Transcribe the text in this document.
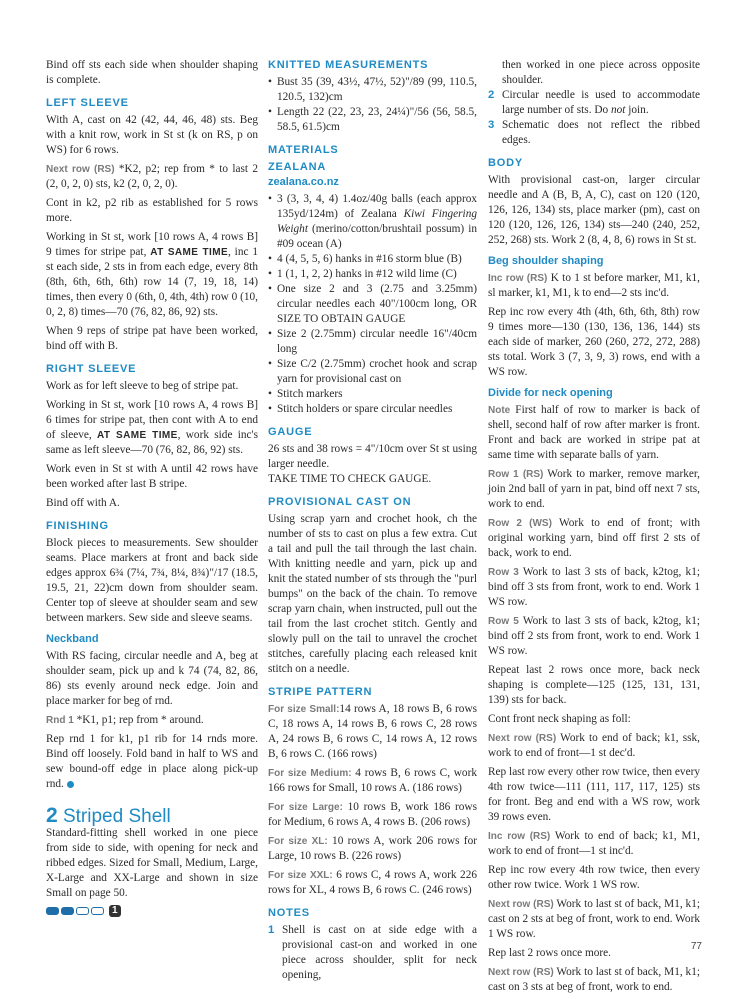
Bind off sts each side when shoulder shaping is complete.

LEFT SLEEVE

With A, cast on 42 (42, 44, 46, 48) sts. Beg with a knit row, work in St st (k on RS, p on WS) for 6 rows.

Next row (RS) *K2, p2; rep from * to last 2 (2, 0, 2, 0) sts, k2 (2, 0, 2, 0).

Cont in k2, p2 rib as established for 5 rows more.

Working in St st, work [10 rows A, 4 rows B] 9 times for stripe pat, AT SAME TIME, inc 1 st each side, 2 sts in from each edge, every 8th (8th, 6th, 6th, 6th) row 14 (7, 19, 18, 14) times, then every 0 (6th, 0, 4th, 4th) row 0 (10, 0, 2, 8) times—70 (76, 82, 86, 92) sts.

When 9 reps of stripe pat have been worked, bind off with B.

RIGHT SLEEVE

Work as for left sleeve to beg of stripe pat.

Working in St st, work [10 rows A, 4 rows B] 6 times for stripe pat, then cont with A to end of sleeve, AT SAME TIME, work side inc's same as left sleeve—70 (76, 82, 86, 92) sts.

Work even in St st with A until 42 rows have been worked after last B stripe.

Bind off with A.

FINISHING

Block pieces to measurements. Sew shoulder seams. Place markers at front and back side edges approx 6¾ (7¼, 7¾, 8¼, 8¾)"/17 (18.5, 19.5, 21, 22)cm down from shoulder seam. Center top of sleeve at shoulder seam and sew between markers. Sew side and sleeve seams.

Neckband

With RS facing, circular needle and A, beg at shoulder seam, pick up and k 74 (74, 82, 86, 86) sts evenly around neck edge. Join and place marker for beg of rnd.

Rnd 1 *K1, p1; rep from * around.

Rep rnd 1 for k1, p1 rib for 14 rnds more. Bind off loosely. Fold band in half to WS and sew bound-off edge in place along pick-up rnd.

2 Striped Shell

Standard-fitting shell worked in one piece from side to side, with opening for neck and ribbed edges. Sized for Small, Medium, Large, X-Large and XX-Large and shown in size Small on page 50.

1
KNITTED MEASUREMENTS
• Bust 35 (39, 43½, 47½, 52)"/89 (99, 110.5, 120.5, 132)cm
• Length 22 (22, 23, 23, 24¼)"/56 (56, 58.5, 58.5, 61.5)cm
MATERIALS
ZEALANA
zealana.co.nz
• 3 (3, 3, 4, 4) 1.4oz/40g balls (each approx 135yd/124m) of Zealana Kiwi Fingering Weight (merino/cotton/brushtail possum) in #09 ocean (A)
• 4 (4, 5, 5, 6) hanks in #16 storm blue (B)
• 1 (1, 1, 2, 2) hanks in #12 wild lime (C)
• One size 2 and 3 (2.75 and 3.25mm) circular needles each 40"/100cm long, OR SIZE TO OBTAIN GAUGE
• Size 2 (2.75mm) circular needle 16"/40cm long
• Size C/2 (2.75mm) crochet hook and scrap yarn for provisional cast on
• Stitch markers
• Stitch holders or spare circular needles
GAUGE

26 sts and 38 rows = 4"/10cm over St st using larger needle.

TAKE TIME TO CHECK GAUGE.

PROVISIONAL CAST ON

Using scrap yarn and crochet hook, ch the number of sts to cast on plus a few extra. Cut a tail and pull the tail through the last chain. With knitting needle and yarn, pick up and knit the stated number of sts through the "purl bumps" on the back of the chain. To remove scrap yarn chain, when instructed, pull out the tail from the last crochet stitch. Gently and slowly pull on the tail to unravel the crochet stitches, carefully placing each released knit stitch on a needle.

STRIPE PATTERN

For size Small:14 rows A, 18 rows B, 6 rows C, 18 rows A, 14 rows B, 6 rows C, 28 rows A, 24 rows B, 6 rows C, 14 rows A, 12 rows B, 6 rows C. (166 rows)

For size Medium: 4 rows B, 6 rows C, work 166 rows for Small, 10 rows A. (186 rows)

For size Large: 10 rows B, work 186 rows for Medium, 6 rows A, 4 rows B. (206 rows)

For size XL: 10 rows A, work 206 rows for Large, 10 rows B. (226 rows)

For size XXL: 6 rows C, 4 rows A, work 226 rows for XL, 4 rows B, 6 rows C. (246 rows)

NOTES
1 Shell is cast on at side edge with a provisional cast-on and worked in one piece across shoulder, split for neck opening,
then worked in one piece across opposite shoulder.
2 Circular needle is used to accommodate large number of sts. Do not join.
3 Schematic does not reflect the ribbed edges.
BODY

With provisional cast-on, larger circular needle and A (B, B, A, C), cast on 120 (120, 126, 126, 134) sts, place marker (pm), cast on 120 (120, 126, 126, 134) sts—240 (240, 252, 252, 268) sts. Work 2 (8, 4, 8, 6) rows in St st.

Beg shoulder shaping

Inc row (RS) K to 1 st before marker, M1, k1, sl marker, k1, M1, k to end—2 sts inc'd.

Rep inc row every 4th (4th, 6th, 6th, 8th) row 9 times more—130 (130, 136, 136, 144) sts each side of marker, 260 (260, 272, 272, 288) sts total. Work 3 (7, 3, 9, 3) rows, end with a WS row.

Divide for neck opening

Note First half of row to marker is back of shell, second half of row after marker is front. Front and back are worked in stripe pat at same time with separate balls of yarn.

Row 1 (RS) Work to marker, remove marker, join 2nd ball of yarn in pat, bind off next 7 sts, work to end.

Row 2 (WS) Work to end of front; with original working yarn, bind off first 2 sts of back, work to end.

Row 3 Work to last 3 sts of back, k2tog, k1; bind off 3 sts from front, work to end. Work 1 WS row.

Row 5 Work to last 3 sts of back, k2tog, k1; bind off 2 sts from front, work to end. Work 1 WS row.

Repeat last 2 rows once more, back neck shaping is complete—125 (125, 131, 131, 139) sts for back.

Cont front neck shaping as foll:

Next row (RS) Work to end of back; k1, ssk, work to end of front—1 st dec'd.

Rep last row every other row twice, then every 4th row twice—111 (111, 117, 117, 125) sts for front. Beg and end with a WS row, work 39 rows even.

Inc row (RS) Work to end of back; k1, M1, work to end of front—1 st inc'd.

Rep inc row every 4th row twice, then every other row twice. Work 1 WS row.

Next row (RS) Work to last st of back, M1, k1; cast on 2 sts at beg of front, work to end. Work 1 WS row.

Rep last 2 rows once more.

Next row (RS) Work to last st of back, M1, k1; cast on 3 sts at beg of front, work to end.

77
